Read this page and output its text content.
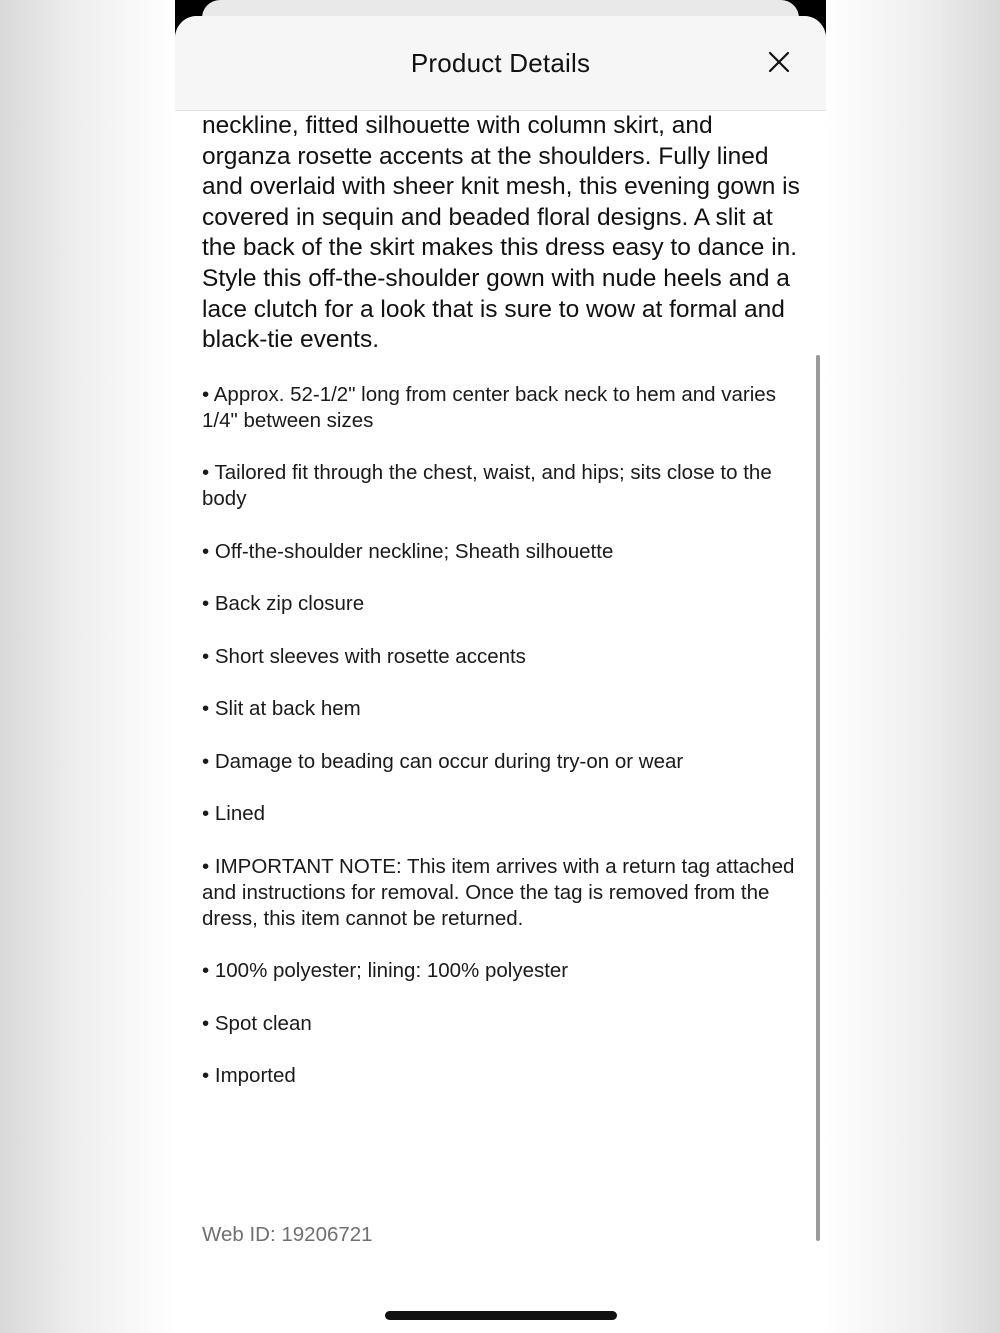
Product Details

neckline, fitted silhouette with column skirt, and organza rosette accents at the shoulders. Fully lined and overlaid with sheer knit mesh, this evening gown is covered in sequin and beaded floral designs. A slit at the back of the skirt makes this dress easy to dance in. Style this off-the-shoulder gown with nude heels and a lace clutch for a look that is sure to wow at formal and black-tie events.

• Approx. 52-1/2" long from center back neck to hem and varies 1/4" between sizes
• Tailored fit through the chest, waist, and hips; sits close to the body
• Off-the-shoulder neckline; Sheath silhouette
• Back zip closure
• Short sleeves with rosette accents
• Slit at back hem
• Damage to beading can occur during try-on or wear
• Lined
• IMPORTANT NOTE: This item arrives with a return tag attached and instructions for removal. Once the tag is removed from the dress, this item cannot be returned.
• 100% polyester; lining: 100% polyester
• Spot clean
• Imported
Web ID: 19206721
